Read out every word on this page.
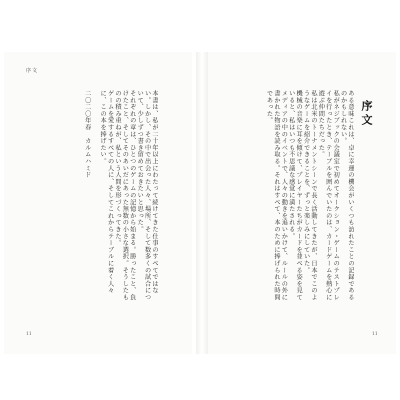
序文
序文
ある意味これは、卓に幸運の機会がいくつも訪れたことの記録であるのかもしれない。
私がネジブックの会議室で初めてオークション・ゲームのテストプレイを行ったとき、テーブルを囲んでいたのは、カードゲームを熱心に遊ぶ仲間たちだった。
私は北米のトーナメントシーンで長く活動してきたが、日本でこのようなゲームを紹介できることを、ずっと楽しみにしていた。
機械の音楽に耳を傾けて、プレイヤーたちがカードを並べる姿を見ていると、私はいつも不思議な感覚に満たされる。
メディアの中のイベントで、人々の動きを追いかけて、ルールの外に書かれた物語を読み取る。それはすべて、本のために捧げられた時間であった。
本書は、私が二十年以上にわたって続けてきた仕事のすべてではない。しかし、その中で出会った人々、場所、そして数多くの試合について、少しずつ書き留めておきたいと思った。
それぞれの章は、ひとつのゲームの記憶から始まる。勝ったこと、負けたこと、そしてそのあいだにあった無数の小さな選択。そうしたものの積み重ねが、私という人間を形づくってきた。
ゲームを愛するすべての人に、そしてこれからテーブルに着く人々に、この本を捧げたい。
二〇二〇年春　カルムハミド
11	11
